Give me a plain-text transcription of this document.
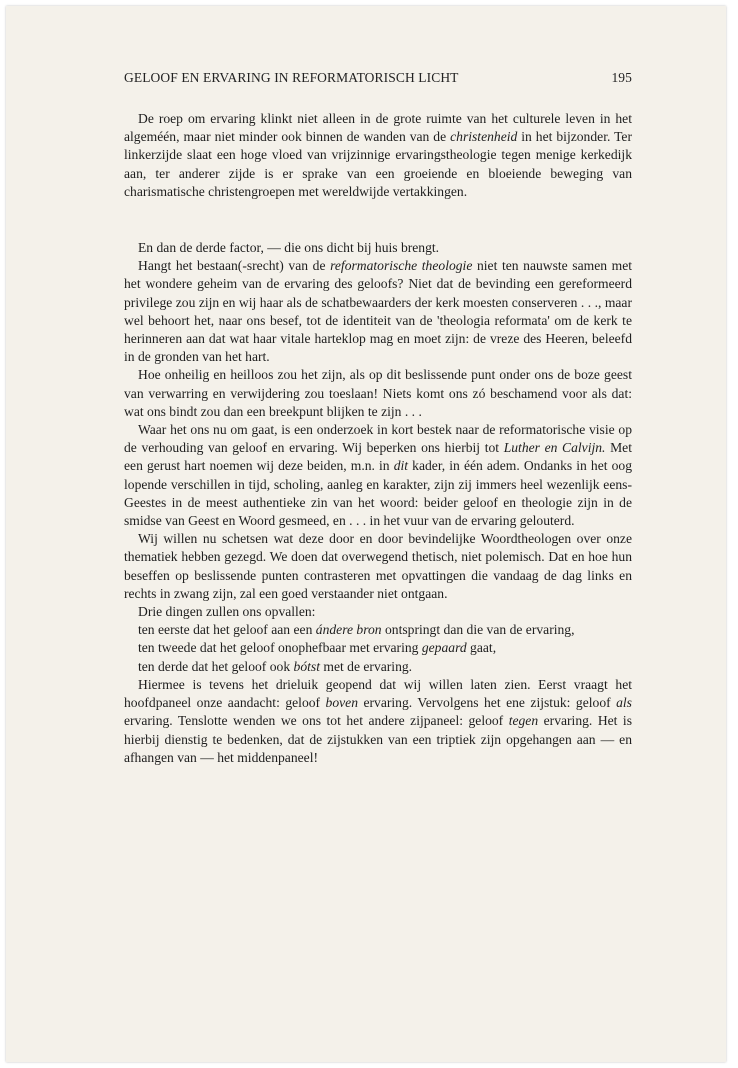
GELOOF EN ERVARING IN REFORMATORISCH LICHT	195

De roep om ervaring klinkt niet alleen in de grote ruimte van het culturele leven in het algeméén, maar niet minder ook binnen de wanden van de christenheid in het bijzonder. Ter linkerzijde slaat een hoge vloed van vrijzinnige ervaringstheologie tegen menige kerkedijk aan, ter anderer zijde is er sprake van een groeiende en bloeiende beweging van charismatische christengroepen met wereldwijde vertakkingen.

En dan de derde factor, — die ons dicht bij huis brengt.

Hangt het bestaan(-srecht) van de reformatorische theologie niet ten nauwste samen met het wondere geheim van de ervaring des geloofs? Niet dat de bevinding een gereformeerd privilege zou zijn en wij haar als de schatbewaarders der kerk moesten conserveren . . ., maar wel behoort het, naar ons besef, tot de identiteit van de 'theologia reformata' om de kerk te herinneren aan dat wat haar vitale harteklop mag en moet zijn: de vreze des Heeren, beleefd in de gronden van het hart.

Hoe onheilig en heilloos zou het zijn, als op dit beslissende punt onder ons de boze geest van verwarring en verwijdering zou toeslaan! Niets komt ons zó beschamend voor als dat: wat ons bindt zou dan een breekpunt blijken te zijn . . .

Waar het ons nu om gaat, is een onderzoek in kort bestek naar de reformatorische visie op de verhouding van geloof en ervaring. Wij beperken ons hierbij tot Luther en Calvijn. Met een gerust hart noemen wij deze beiden, m.n. in dit kader, in één adem. Ondanks in het oog lopende verschillen in tijd, scholing, aanleg en karakter, zijn zij immers heel wezenlijk eens-Geestes in de meest authentieke zin van het woord: beider geloof en theologie zijn in de smidse van Geest en Woord gesmeed, en . . . in het vuur van de ervaring gelouterd.

Wij willen nu schetsen wat deze door en door bevindelijke Woordtheologen over onze thematiek hebben gezegd. We doen dat overwegend thetisch, niet polemisch. Dat en hoe hun beseffen op beslissende punten contrasteren met opvattingen die vandaag de dag links en rechts in zwang zijn, zal een goed verstaander niet ontgaan.

Drie dingen zullen ons opvallen:

ten eerste dat het geloof aan een ándere bron ontspringt dan die van de ervaring,

ten tweede dat het geloof onophefbaar met ervaring gepaard gaat,

ten derde dat het geloof ook bótst met de ervaring.

Hiermee is tevens het drieluik geopend dat wij willen laten zien. Eerst vraagt het hoofdpaneel onze aandacht: geloof boven ervaring. Vervolgens het ene zijstuk: geloof als ervaring. Tenslotte wenden we ons tot het andere zijpaneel: geloof tegen ervaring. Het is hierbij dienstig te bedenken, dat de zijstukken van een triptiek zijn opgehangen aan — en afhangen van — het middenpaneel!
